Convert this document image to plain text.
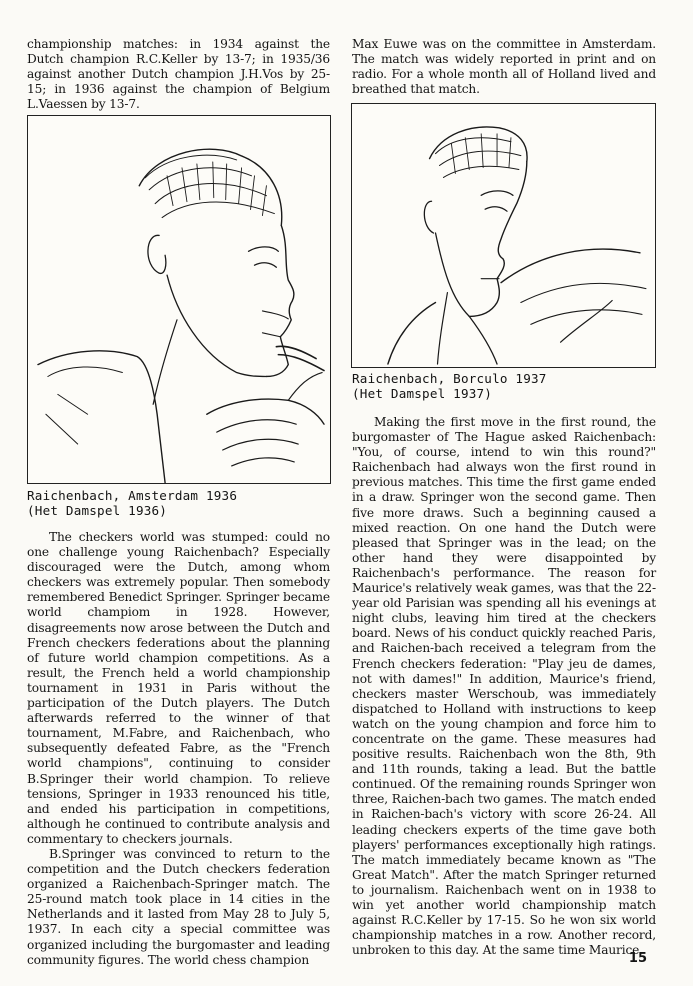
championship matches: in 1934 against the Dutch champion R.C.Keller by 13-7; in 1935/36 against another Dutch champion J.H.Vos by 25-15; in 1936 against the champion of Belgium L.Vaessen by 13-7.

Raichenbach, Amsterdam 1936
(Het Damspel 1936)

The checkers world was stumped: could no one challenge young Raichenbach? Especially discouraged were the Dutch, among whom checkers was extremely popular. Then somebody remembered Benedict Springer. Springer became world champiom in 1928. However, disagreements now arose between the Dutch and French checkers federations about the planning of future world champion competitions. As a result, the French held a world championship tournament in 1931 in Paris without the participation of the Dutch players. The Dutch afterwards referred to the winner of that tournament, M.Fabre, and Raichenbach, who subsequently defeated Fabre, as the "French world champions", continuing to consider B.Springer their world champion. To relieve tensions, Springer in 1933 renounced his title, and ended his participation in competitions, although he continued to contribute analysis and commentary to checkers journals.

B.Springer was convinced to return to the competition and the Dutch checkers federation organized a Raichenbach-Springer match. The 25-round match took place in 14 cities in the Netherlands and it lasted from May 28 to July 5, 1937. In each city a special committee was organized including the burgomaster and leading community figures. The world chess champion

Max Euwe was on the committee in Amsterdam. The match was widely reported in print and on radio. For a whole month all of Holland lived and breathed that match.

Raichenbach, Borculo 1937
(Het Damspel 1937)

Making the first move in the first round, the burgomaster of The Hague asked Raichenbach: "You, of course, intend to win this round?" Raichenbach had always won the first round in previous matches. This time the first game ended in a draw. Springer won the second game. Then five more draws. Such a beginning caused a mixed reaction. On one hand the Dutch were pleased that Springer was in the lead; on the other hand they were disappointed by Raichenbach's performance. The reason for Maurice's relatively weak games, was that the 22-year old Parisian was spending all his evenings at night clubs, leaving him tired at the checkers board. News of his conduct quickly reached Paris, and Raichen-bach received a telegram from the French checkers federation: "Play jeu de dames, not with dames!" In addition, Maurice's friend, checkers master Werschoub, was immediately dispatched to Holland with instructions to keep watch on the young champion and force him to concentrate on the game. These measures had positive results. Raichenbach won the 8th, 9th and 11th rounds, taking a lead. But the battle continued. Of the remaining rounds Springer won three, Raichen-bach two games. The match ended in Raichen-bach's victory with score 26-24. All leading checkers experts of the time gave both players' performances exceptionally high ratings. The match immediately became known as "The Great Match". After the match Springer returned to journalism. Raichenbach went on in 1938 to win yet another world championship match against R.C.Keller by 17-15. So he won six world championship matches in a row. Another record, unbroken to this day. At the same time Maurice

15
